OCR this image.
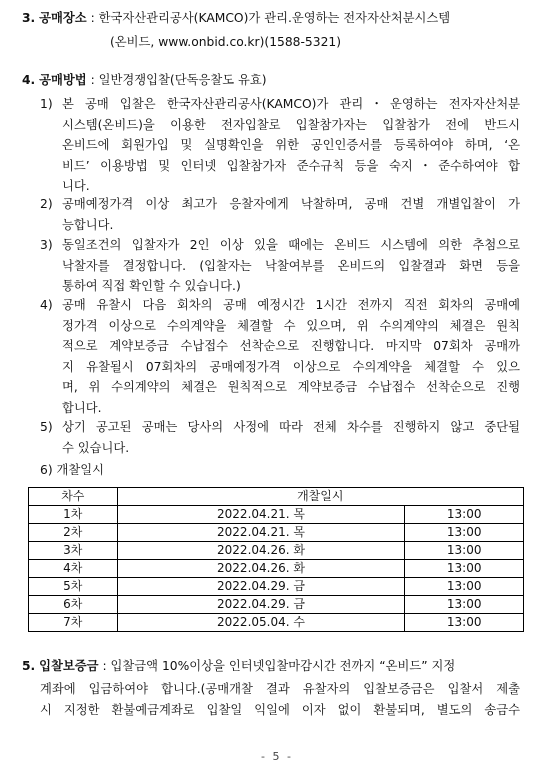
3. 공매장소 : 한국자산관리공사(KAMCO)가 관리.운영하는 전자자산처분시스템
(온비드, www.onbid.co.kr)(1588-5321)
4. 공매방법 : 일반경쟁입찰(단독응찰도 유효)
1) 본 공매 입찰은 한국자산관리공사(KAMCO)가 관리・운영하는 전자자산처분
시스템(온비드)을 이용한 전자입찰로 입찰참가자는 입찰참가 전에 반드시
온비드에 회원가입 및 실명확인을 위한 공인인증서를 등록하여야 하며, ‘온
비드’ 이용방법 및 인터넷 입찰참가자 준수규칙 등을 숙지・준수하여야 합
니다.
2) 공매예정가격 이상 최고가 응찰자에게 낙찰하며, 공매 건별 개별입찰이 가
능합니다.
3) 동일조건의 입찰자가 2인 이상 있을 때에는 온비드 시스템에 의한 추첨으로
낙찰자를 결정합니다. (입찰자는 낙찰여부를 온비드의 입찰결과 화면 등을
통하여 직접 확인할 수 있습니다.)
4) 공매 유찰시 다음 회차의 공매 예정시간 1시간 전까지 직전 회차의 공매예
정가격 이상으로 수의계약을 체결할 수 있으며, 위 수의계약의 체결은 원칙
적으로 계약보증금 수납접수 선착순으로 진행합니다. 마지막 07회차 공매까
지 유찰될시 07회차의 공매예정가격 이상으로 수의계약을 체결할 수 있으
며, 위 수의계약의 체결은 원칙적으로 계약보증금 수납접수 선착순으로 진행
합니다.
5) 상기 공고된 공매는 당사의 사정에 따라 전체 차수를 진행하지 않고 중단될
수 있습니다.
6) 개찰일시
차수	개찰일시	
1차	2022.04.21. 목	13:00
2차	2022.04.21. 목	13:00
3차	2022.04.26. 화	13:00
4차	2022.04.26. 화	13:00
5차	2022.04.29. 금	13:00
6차	2022.04.29. 금	13:00
7차	2022.05.04. 수	13:00
5. 입찰보증금 : 입찰금액 10%이상을 인터넷입찰마감시간 전까지 “온비드” 지정
계좌에 입금하여야 합니다.(공매개찰 결과 유찰자의 입찰보증금은 입찰서 제출
시 지정한 환불예금계좌로 입찰일 익일에 이자 없이 환불되며, 별도의 송금수
- 5 -
